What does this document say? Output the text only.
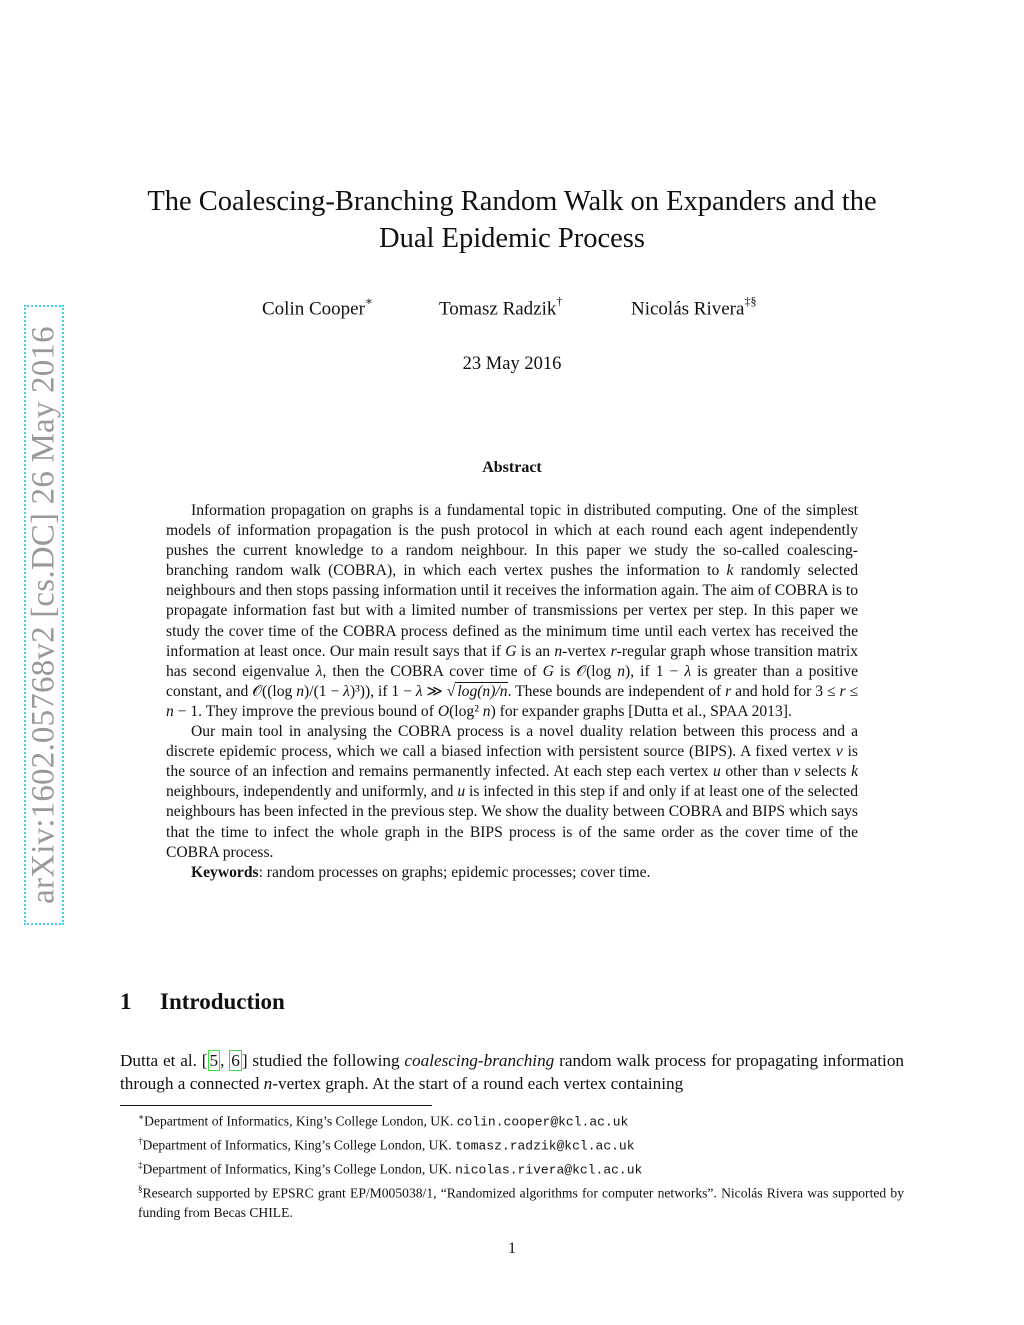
arXiv:1602.05768v2 [cs.DC] 26 May 2016
The Coalescing-Branching Random Walk on Expanders and the Dual Epidemic Process
Colin Cooper∗	Tomasz Radzik†	Nicolás Rivera‡§
23 May 2016
Abstract

Information propagation on graphs is a fundamental topic in distributed computing. One of the simplest models of information propagation is the push protocol in which at each round each agent independently pushes the current knowledge to a random neighbour. In this paper we study the so-called coalescing-branching random walk (COBRA), in which each vertex pushes the information to k randomly selected neighbours and then stops passing information until it receives the information again. The aim of COBRA is to propagate information fast but with a limited number of transmissions per vertex per step. In this paper we study the cover time of the COBRA process defined as the minimum time until each vertex has received the information at least once. Our main result says that if G is an n-vertex r-regular graph whose transition matrix has second eigenvalue λ, then the COBRA cover time of G is 𝒪(log n), if 1 − λ is greater than a positive constant, and 𝒪((log n)/(1 − λ)³)), if 1 − λ ≫ √ log(n)/n. These bounds are independent of r and hold for 3 ≤ r ≤ n − 1. They improve the previous bound of O(log² n) for expander graphs [Dutta et al., SPAA 2013].

Our main tool in analysing the COBRA process is a novel duality relation between this process and a discrete epidemic process, which we call a biased infection with persistent source (BIPS). A fixed vertex v is the source of an infection and remains permanently infected. At each step each vertex u other than v selects k neighbours, independently and uniformly, and u is infected in this step if and only if at least one of the selected neighbours has been infected in the previous step. We show the duality between COBRA and BIPS which says that the time to infect the whole graph in the BIPS process is of the same order as the cover time of the COBRA process.

Keywords: random processes on graphs; epidemic processes; cover time.

1 Introduction

Dutta et al. [ 5 , 6 ] studied the following coalescing-branching random walk process for propagating information through a connected n-vertex graph. At the start of a round each vertex containing

∗Department of Informatics, King’s College London, UK. colin.cooper@kcl.ac.uk

†Department of Informatics, King’s College London, UK. tomasz.radzik@kcl.ac.uk

‡Department of Informatics, King’s College London, UK. nicolas.rivera@kcl.ac.uk

§Research supported by EPSRC grant EP/M005038/1, “Randomized algorithms for computer networks”. Nicolás Rivera was supported by funding from Becas CHILE.

1
